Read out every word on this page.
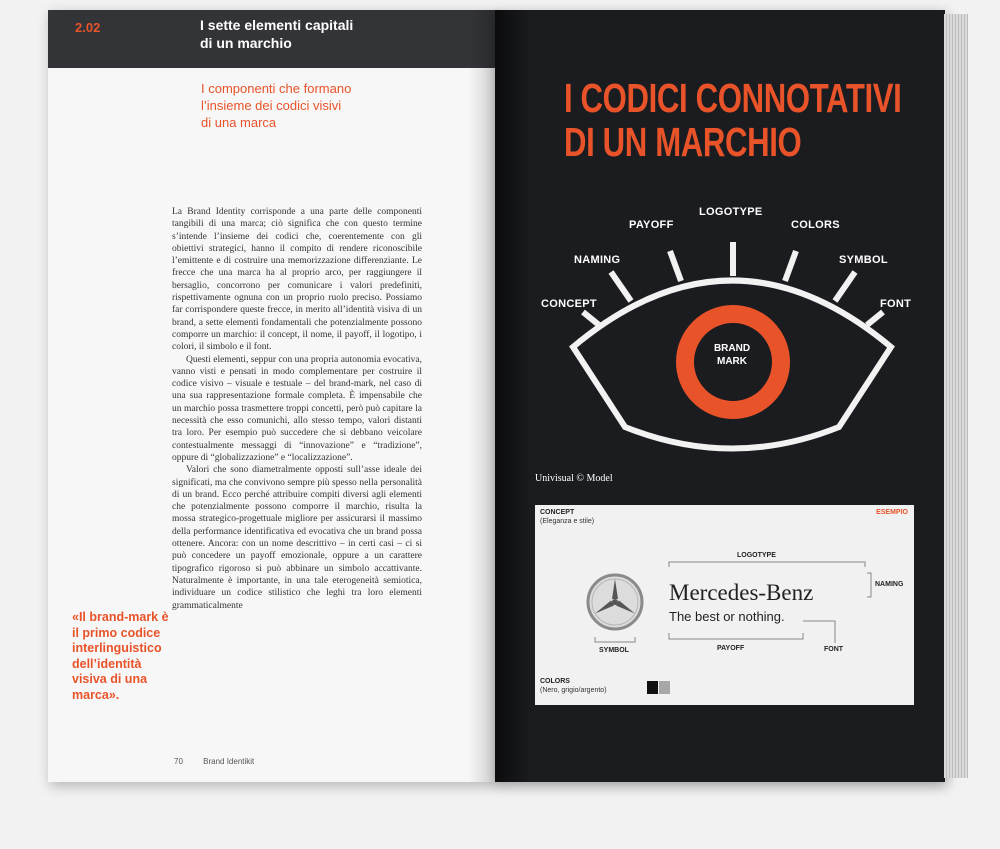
2.02	I sette elementi capitali
di un marchio
I componenti che formano
l’insieme dei codici visivi
di una marca

La Brand Identity corrisponde a una parte delle componenti tangibili di una marca; ciò significa che con questo termine s’intende l’insieme dei codici che, coerentemente con gli obiettivi strategici, hanno il compito di rendere riconoscibile l’emittente e di costruire una memorizzazione differenziante. Le frecce che una marca ha al proprio arco, per raggiungere il bersaglio, concorrono per comunicare i valori predefiniti, rispettivamente ognuna con un proprio ruolo preciso. Possiamo far corrispondere queste frecce, in merito all’identità visiva di un brand, a sette elementi fondamentali che potenzialmente possono comporre un marchio: il concept, il nome, il payoff, il logotipo, i colori, il simbolo e il font.

Questi elementi, seppur con una propria autonomia evocativa, vanno visti e pensati in modo complementare per costruire il codice visivo – visuale e testuale – del brand-mark, nel caso di una sua rappresentazione formale completa. È impensabile che un marchio possa trasmettere troppi concetti, però può capitare la necessità che esso comunichi, allo stesso tempo, valori distanti tra loro. Per esempio può succedere che si debbano veicolare contestualmente messaggi di “innovazione” e “tradizione”, oppure di “globalizzazione” e “localizzazione”.

Valori che sono diametralmente opposti sull’asse ideale dei significati, ma che convivono sempre più spesso nella personalità di un brand. Ecco perché attribuire compiti diversi agli elementi che potenzialmente possono comporre il marchio, risulta la mossa strategico-progettuale migliore per assicurarsi il massimo della performance identificativa ed evocativa che un brand possa ottenere. Ancora: con un nome descrittivo – in certi casi – ci si può concedere un payoff emozionale, oppure a un carattere tipografico rigoroso si può abbinare un simbolo accattivante. Naturalmente è importante, in una tale eterogeneità semiotica, individuare un codice stilistico che leghi tra loro elementi grammaticalmente

«Il brand-mark è
il primo codice
interlinguistico
dell’identità
visiva di una
marca».
70	Brand Identikit
I CODICI CONNOTATIVI
DI UN MARCHIO
CONCEPT
NAMING
PAYOFF
LOGOTYPE
COLORS
SYMBOL
FONT
BRAND
MARK
Univisual © Model
CONCEPT
(Eleganza e stile)
ESEMPIO
LOGOTYPE
NAMING
Mercedes-Benz
The best or nothing.
SYMBOL	PAYOFF	FONT
COLORS
(Nero, grigio/argento)
